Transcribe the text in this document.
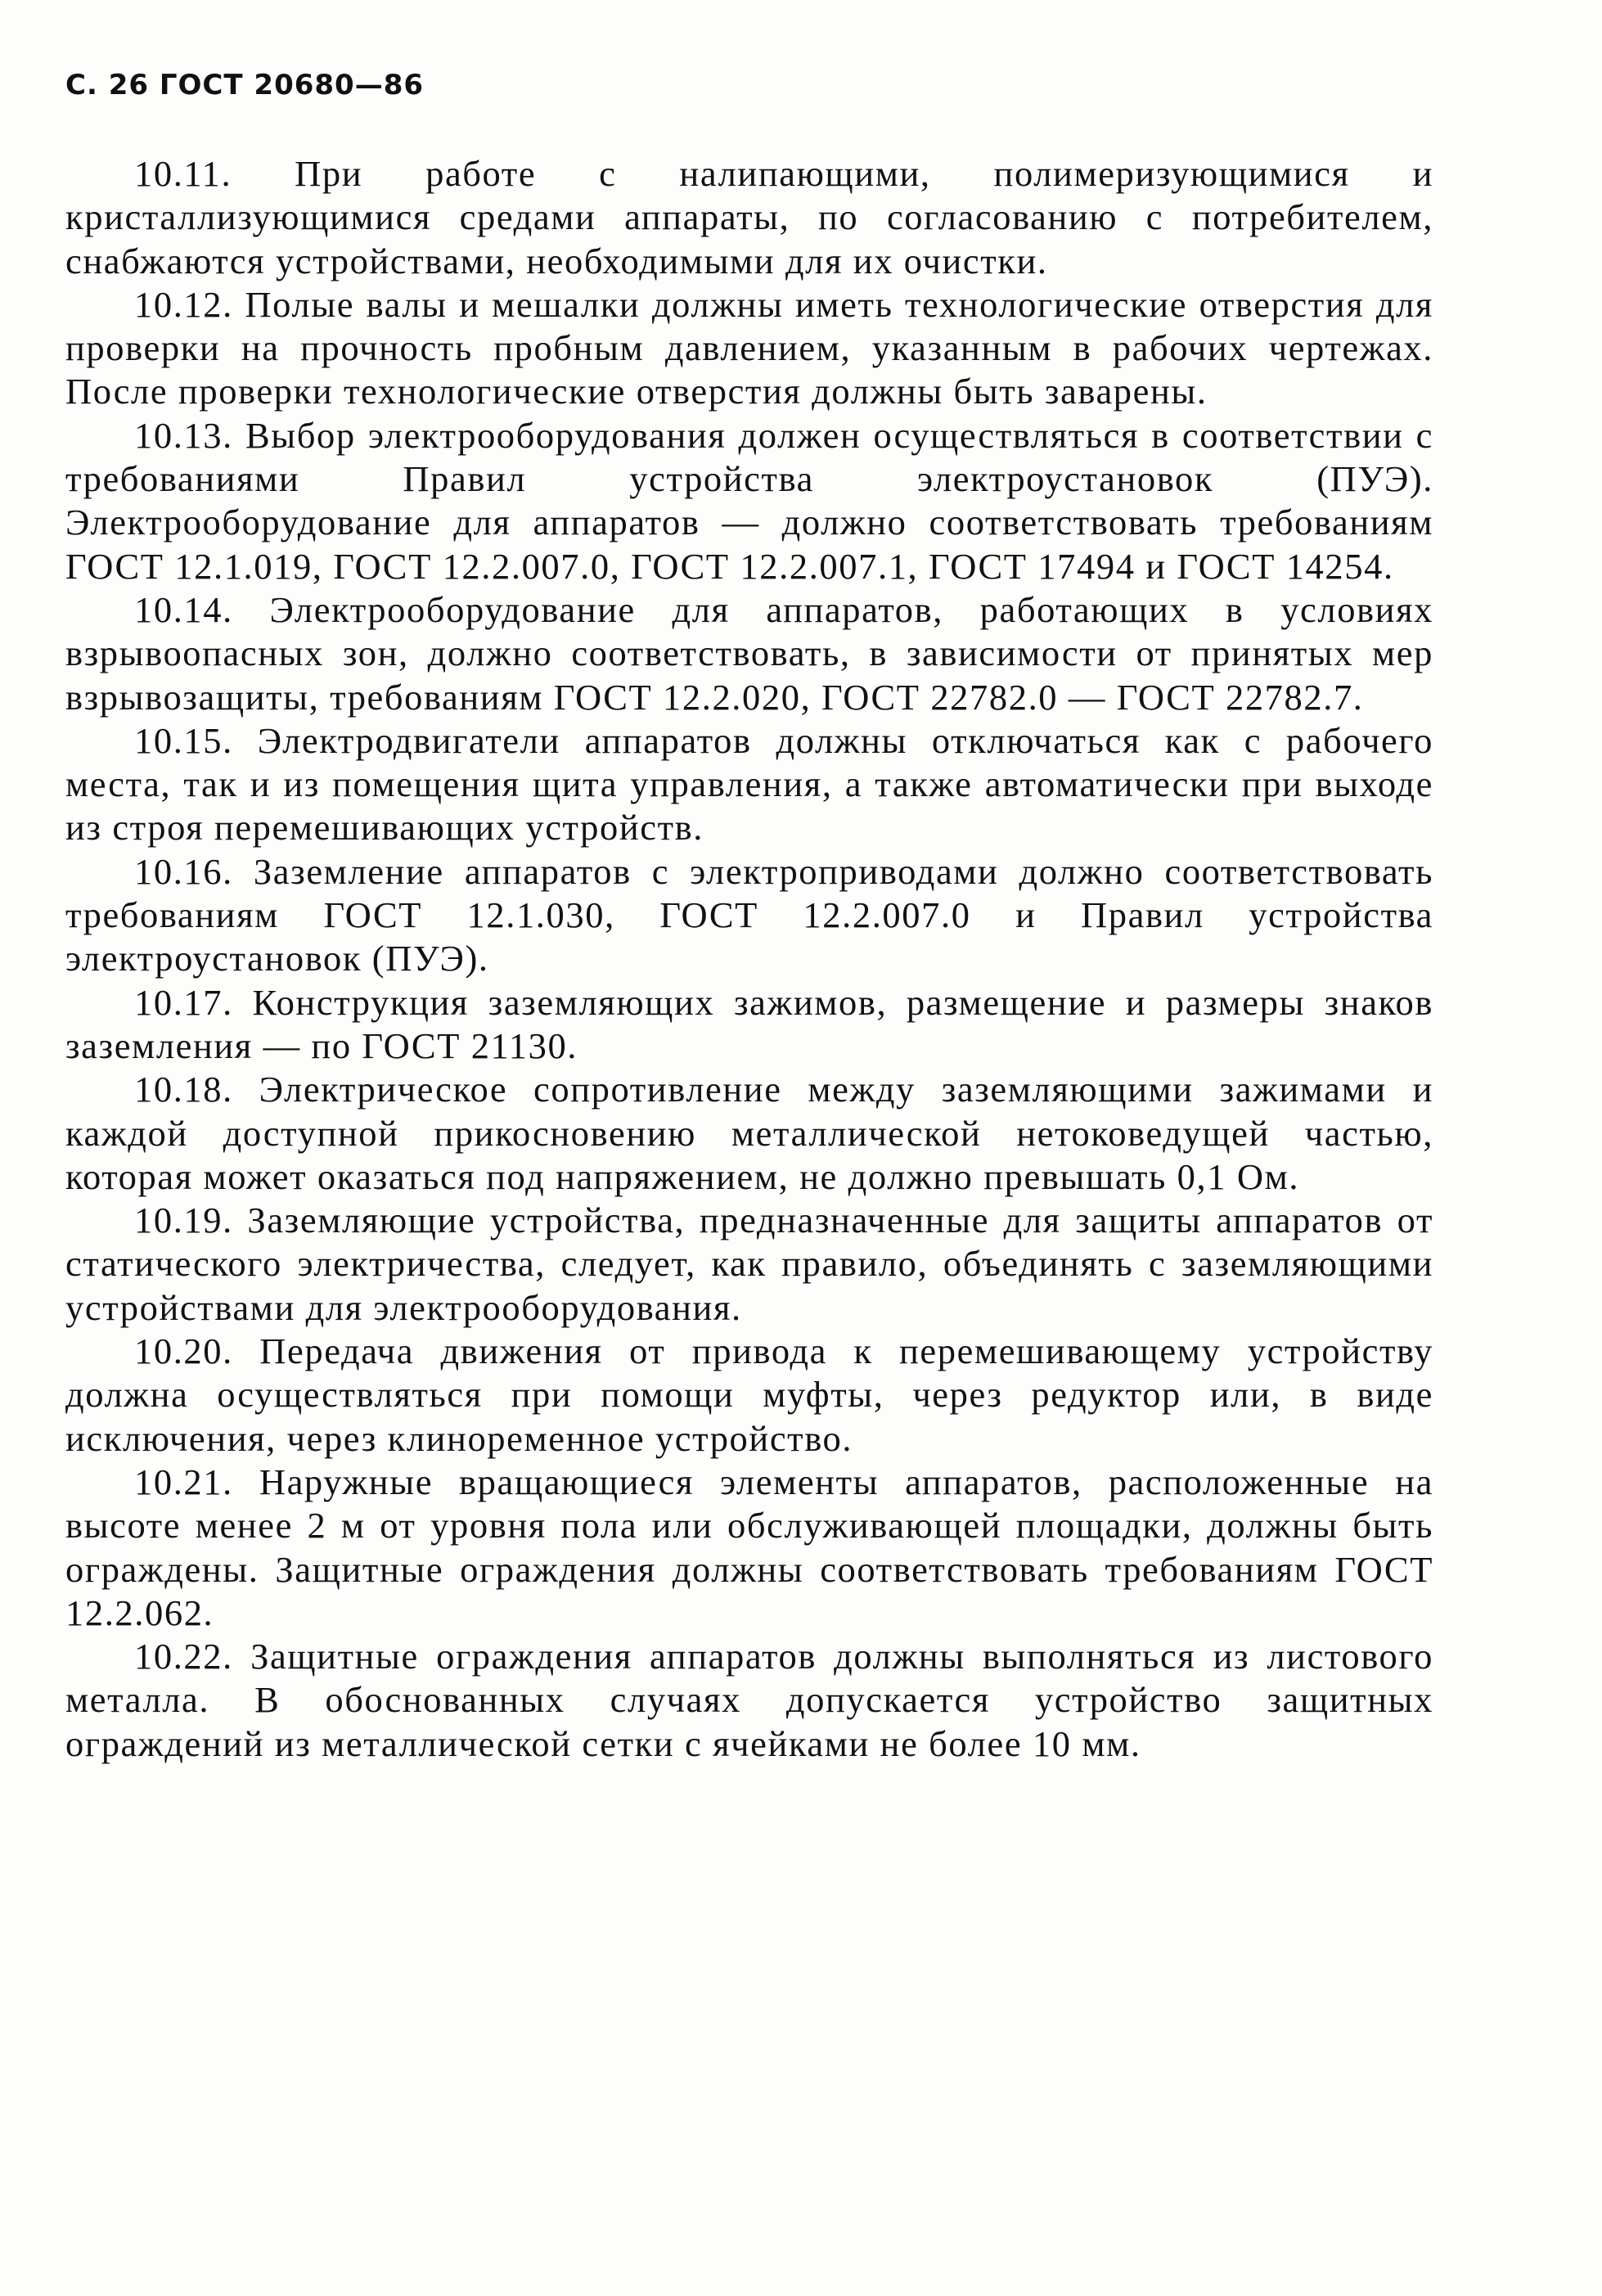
С. 26 ГОСТ 20680—86

10.11. При работе с налипающими, полимеризующимися и кристаллизующимися средами аппараты, по согласованию с потребителем, снабжаются устройствами, необходимыми для их очистки.

10.12. Полые валы и мешалки должны иметь технологические отверстия для проверки на прочность пробным давлением, указанным в рабочих чертежах. После проверки технологические отверстия должны быть заварены.

10.13. Выбор электрооборудования должен осуществляться в соответствии с требованиями Правил устройства электроустановок (ПУЭ). Электрооборудование для аппаратов — должно соответствовать требованиям ГОСТ 12.1.019, ГОСТ 12.2.007.0, ГОСТ 12.2.007.1, ГОСТ 17494 и ГОСТ 14254.

10.14. Электрооборудование для аппаратов, работающих в условиях взрывоопасных зон, должно соответствовать, в зависимости от принятых мер взрывозащиты, требованиям ГОСТ 12.2.020, ГОСТ 22782.0 — ГОСТ 22782.7.

10.15. Электродвигатели аппаратов должны отключаться как с рабочего места, так и из помещения щита управления, а также автоматически при выходе из строя перемешивающих устройств.

10.16. Заземление аппаратов с электроприводами должно соответствовать требованиям ГОСТ 12.1.030, ГОСТ 12.2.007.0 и Правил устройства электроустановок (ПУЭ).

10.17. Конструкция заземляющих зажимов, размещение и размеры знаков заземления — по ГОСТ 21130.

10.18. Электрическое сопротивление между заземляющими зажимами и каждой доступной прикосновению металлической нетоковедущей частью, которая может оказаться под напряжением, не должно превышать 0,1 Ом.

10.19. Заземляющие устройства, предназначенные для защиты аппаратов от статического электричества, следует, как правило, объединять с заземляющими устройствами для электрооборудования.

10.20. Передача движения от привода к перемешивающему устройству должна осуществляться при помощи муфты, через редуктор или, в виде исключения, через клиноременное устройство.

10.21. Наружные вращающиеся элементы аппаратов, расположенные на высоте менее 2 м от уровня пола или обслуживающей площадки, должны быть ограждены. Защитные ограждения должны соответствовать требованиям ГОСТ 12.2.062.

10.22. Защитные ограждения аппаратов должны выполняться из листового металла. В обоснованных случаях допускается устройство защитных ограждений из металлической сетки с ячейками не более 10 мм.
